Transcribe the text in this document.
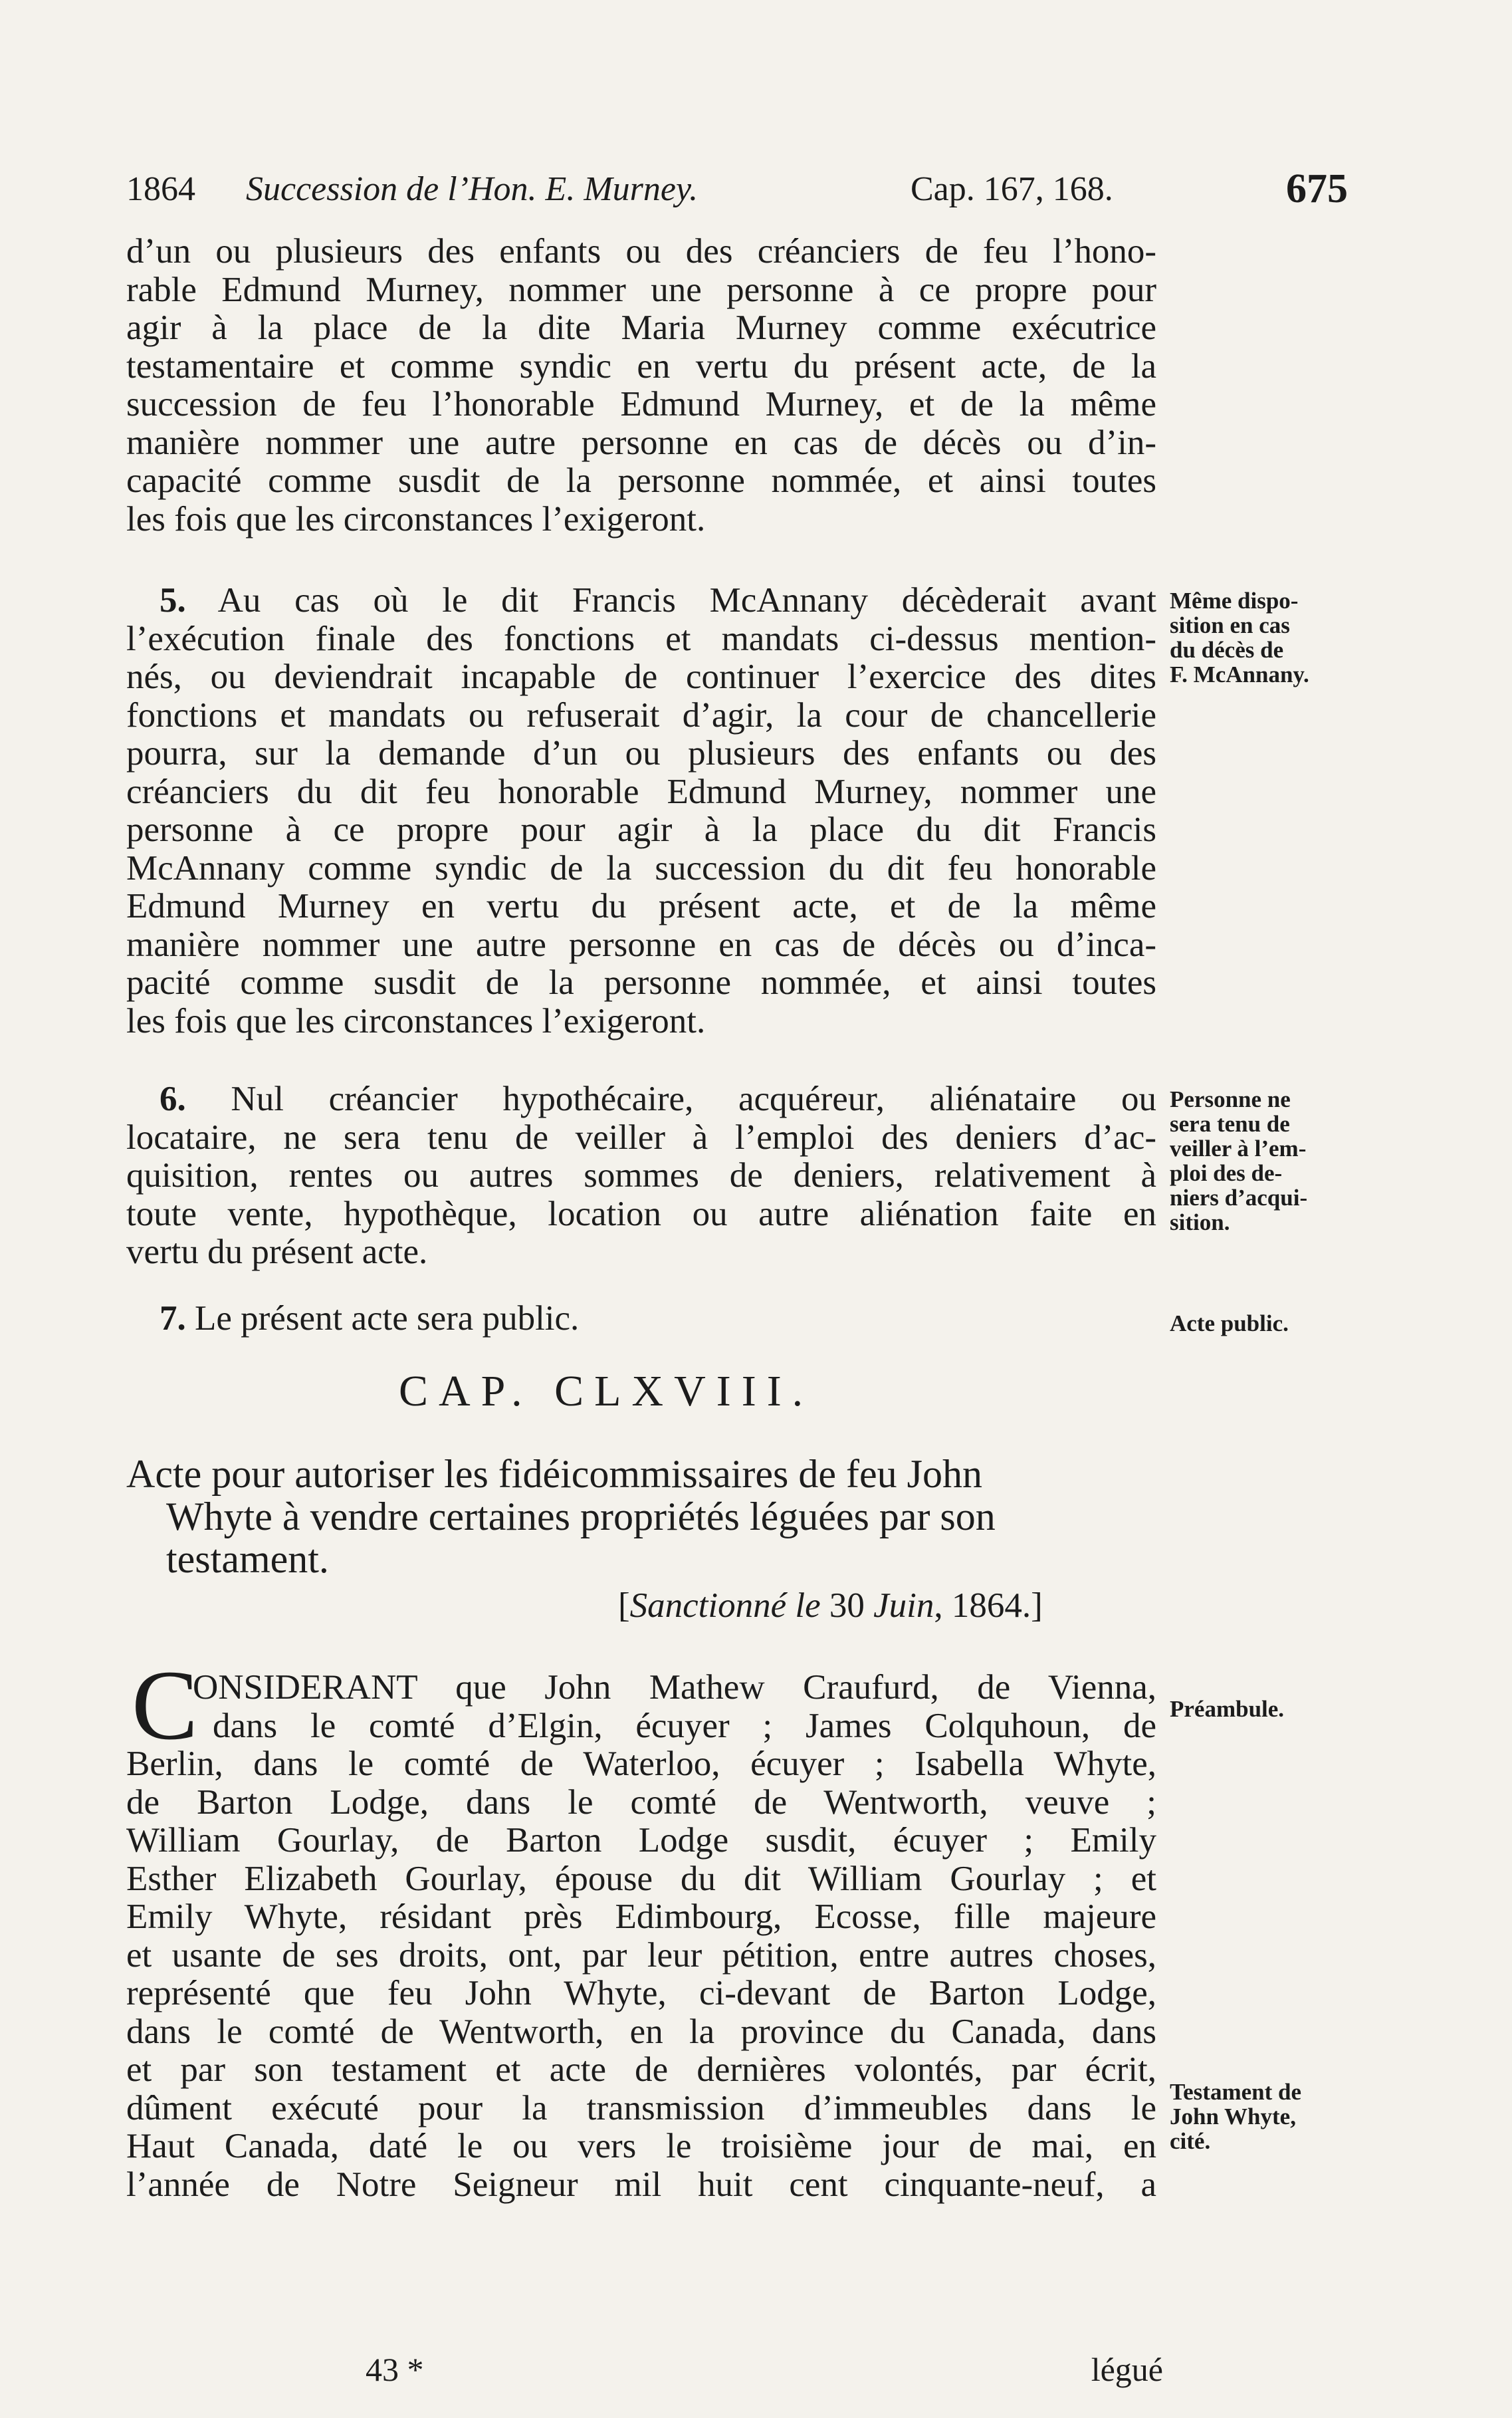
1864 Succession de l’Hon. E. Murney.	Cap. 167, 168.	675
d’un ou plusieurs des enfants ou des créanciers de feu l’hono-
rable Edmund Murney, nommer une personne à ce propre pour
agir à la place de la dite Maria Murney comme exécutrice
testamentaire et comme syndic en vertu du présent acte, de la
succession de feu l’honorable Edmund Murney, et de la même
manière nommer une autre personne en cas de décès ou d’in-
capacité comme susdit de la personne nommée, et ainsi toutes
les fois que les circonstances l’exigeront.
5. Au cas où le dit Francis McAnnany décèderait avant
l’exécution finale des fonctions et mandats ci-dessus mention-
nés, ou deviendrait incapable de continuer l’exercice des dites
fonctions et mandats ou refuserait d’agir, la cour de chancellerie
pourra, sur la demande d’un ou plusieurs des enfants ou des
créanciers du dit feu honorable Edmund Murney, nommer une
personne à ce propre pour agir à la place du dit Francis
McAnnany comme syndic de la succession du dit feu honorable
Edmund Murney en vertu du présent acte, et de la même
manière nommer une autre personne en cas de décès ou d’inca-
pacité comme susdit de la personne nommée, et ainsi toutes
les fois que les circonstances l’exigeront.
Même dispo-
sition en cas
du décès de
F. McAnnany.
6. Nul créancier hypothécaire, acquéreur, aliénataire ou
locataire, ne sera tenu de veiller à l’emploi des deniers d’ac-
quisition, rentes ou autres sommes de deniers, relativement à
toute vente, hypothèque, location ou autre aliénation faite en
vertu du présent acte.
Personne ne
sera tenu de
veiller à l’em-
ploi des de-
niers d’acqui-
sition.
7. Le présent acte sera public.	Acte public.
CAP. CLXVIII.
Acte pour autoriser les fidéicommissaires de feu John
Whyte à vendre certaines propriétés léguées par son
testament.
[Sanctionné le 30 Juin, 1864.]
C
ONSIDERANT que John Mathew Craufurd, de Vienna,
dans le comté d’Elgin, écuyer ; James Colquhoun, de
Berlin, dans le comté de Waterloo, écuyer ; Isabella Whyte,
de Barton Lodge, dans le comté de Wentworth, veuve ;
William Gourlay, de Barton Lodge susdit, écuyer ; Emily
Esther Elizabeth Gourlay, épouse du dit William Gourlay ; et
Emily Whyte, résidant près Edimbourg, Ecosse, fille majeure
et usante de ses droits, ont, par leur pétition, entre autres choses,
représenté que feu John Whyte, ci-devant de Barton Lodge,
dans le comté de Wentworth, en la province du Canada, dans
et par son testament et acte de dernières volontés, par écrit,
dûment exécuté pour la transmission d’immeubles dans le
Haut Canada, daté le ou vers le troisième jour de mai, en
l’année de Notre Seigneur mil huit cent cinquante-neuf, a
Préambule.
Testament de
John Whyte,
cité.
43 *	légué
